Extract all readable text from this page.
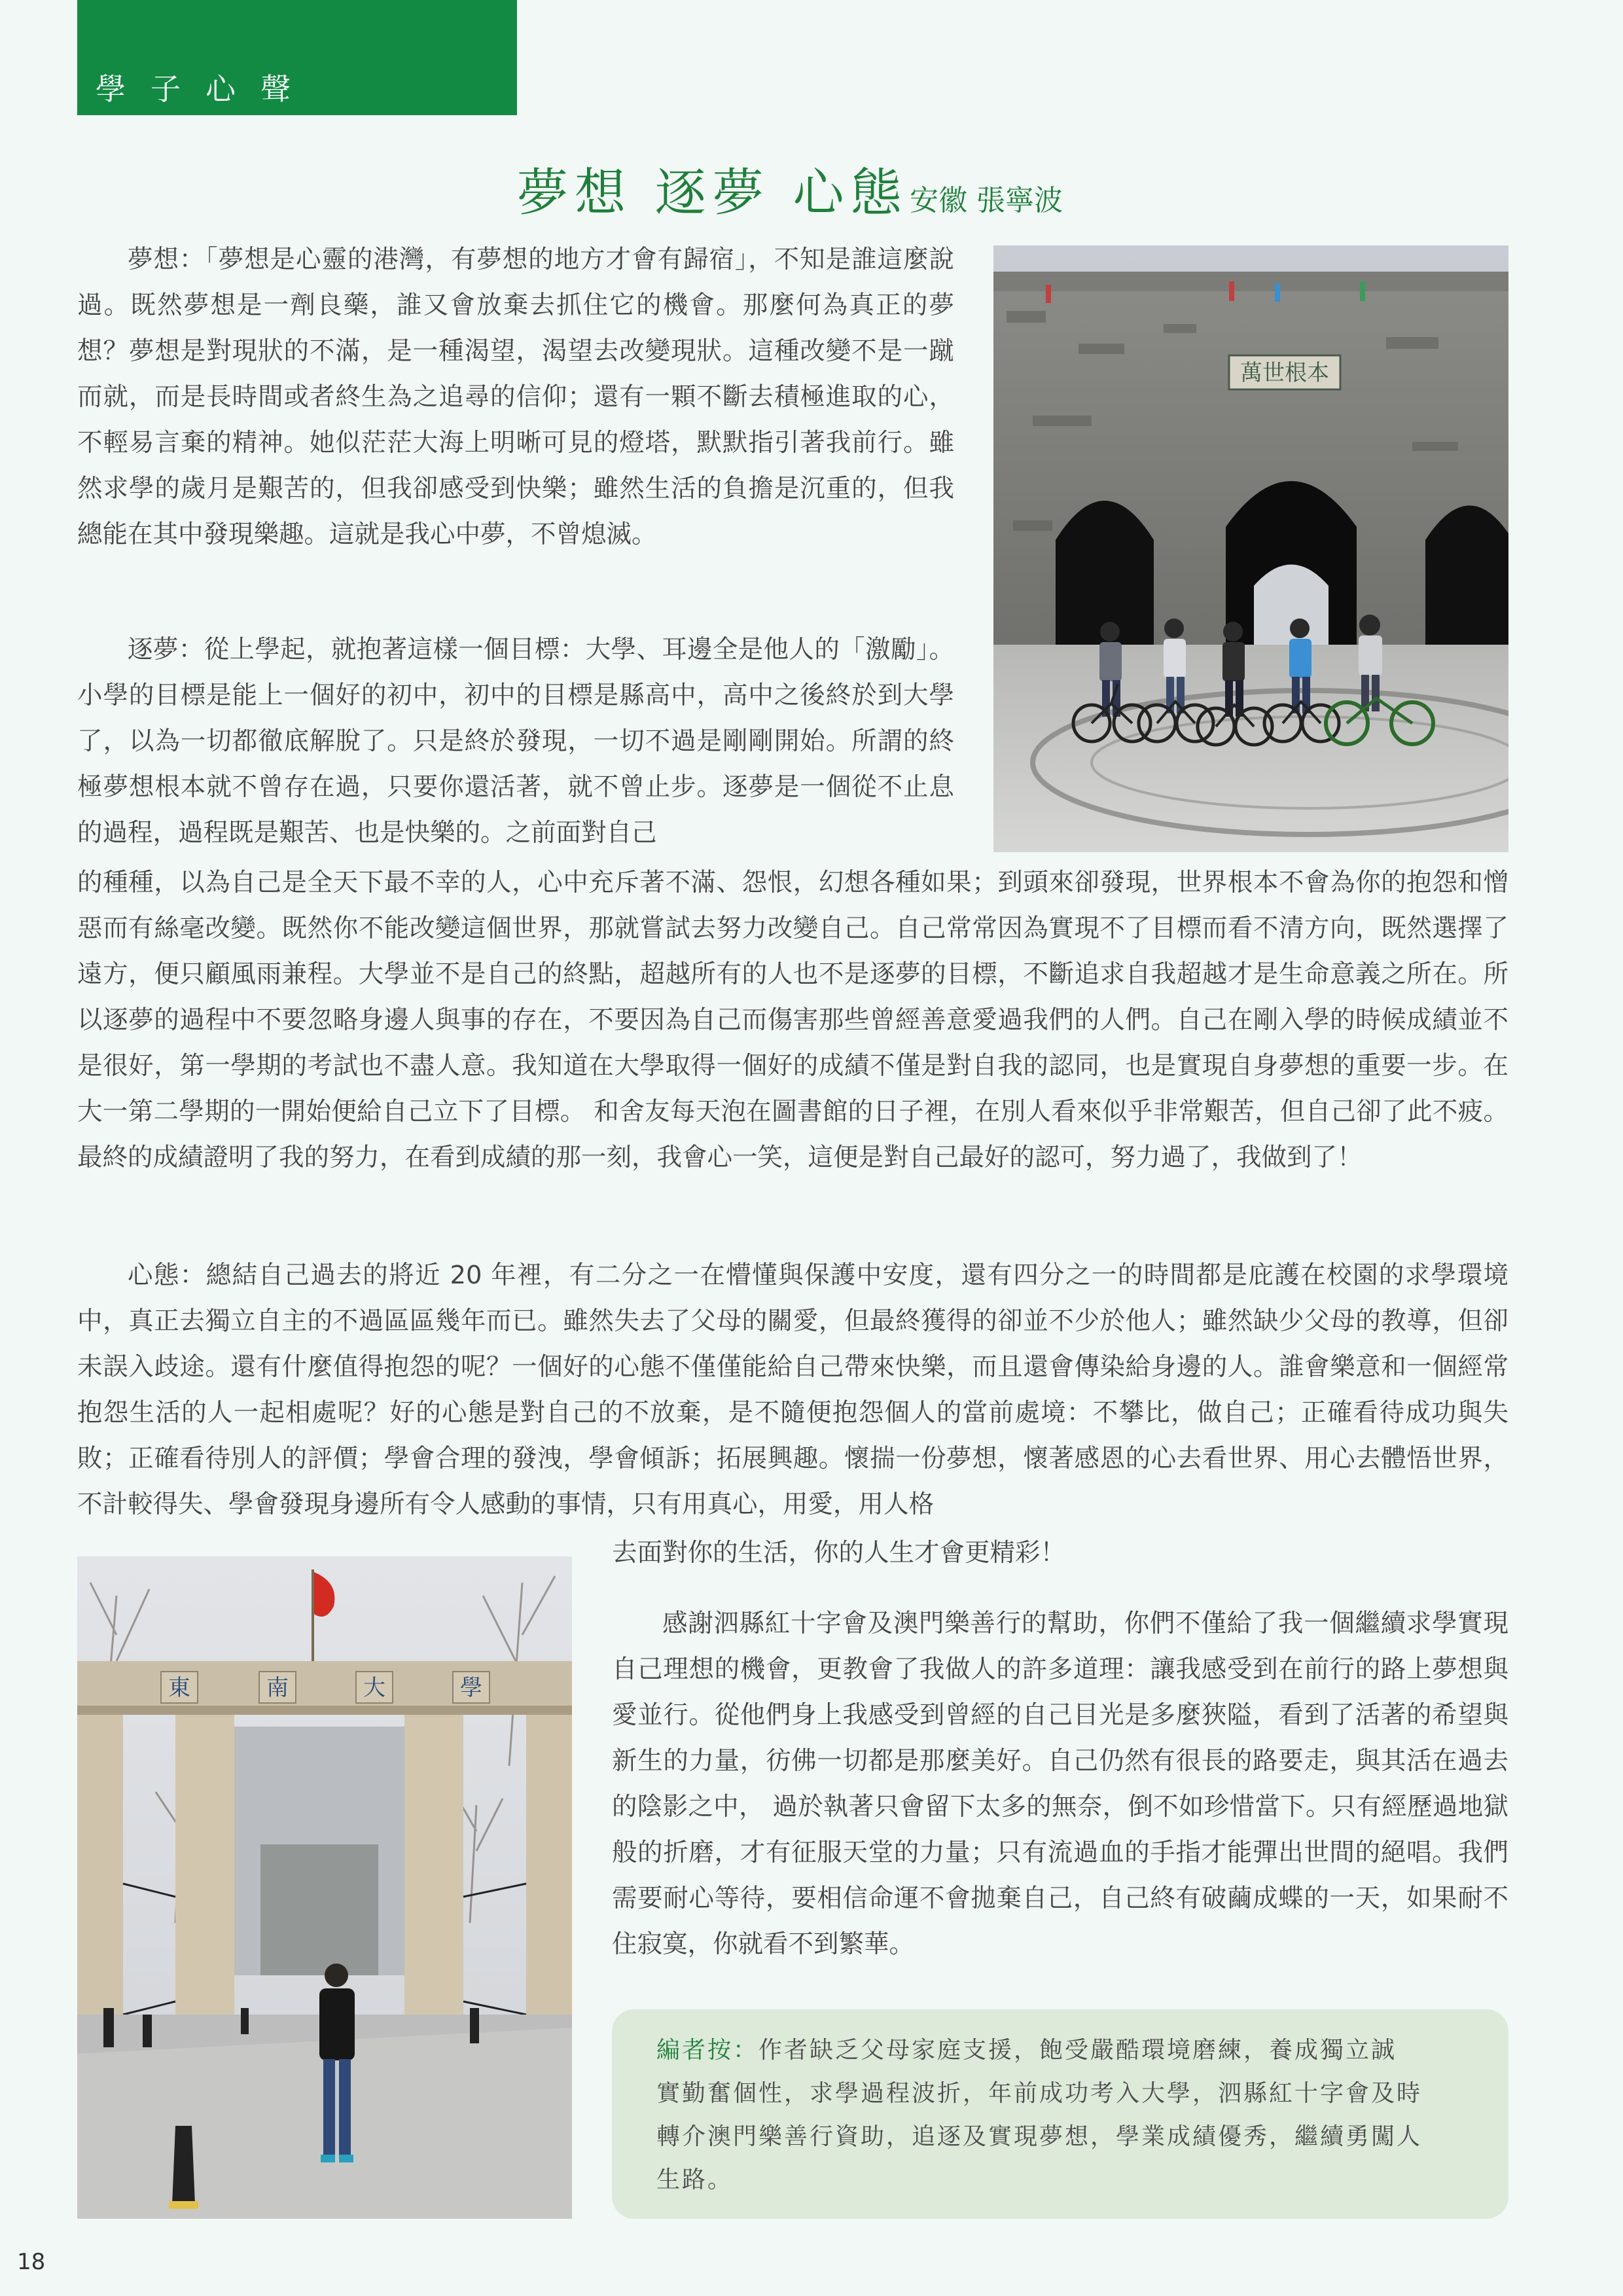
學子心聲
夢想 逐夢 心態 安徽 張寧波

夢想：「夢想是心靈的港灣，有夢想的地方才會有歸宿」，不知是誰這麼說過。既然夢想是一劑良藥，誰又會放棄去抓住它的機會。那麼何為真正的夢想？夢想是對現狀的不滿，是一種渴望，渴望去改變現狀。這種改變不是一蹴而就，而是長時間或者終生為之追尋的信仰；還有一顆不斷去積極進取的心，不輕易言棄的精神。她似茫茫大海上明晰可見的燈塔，默默指引著我前行。雖然求學的歲月是艱苦的，但我卻感受到快樂；雖然生活的負擔是沉重的，但我總能在其中發現樂趣。這就是我心中夢，不曾熄滅。

逐夢：從上學起，就抱著這樣一個目標：大學、耳邊全是他人的「激勵」。小學的目標是能上一個好的初中，初中的目標是縣高中，高中之後終於到大學了，以為一切都徹底解脫了。只是終於發現，一切不過是剛剛開始。所謂的終極夢想根本就不曾存在過，只要你還活著，就不曾止步。逐夢是一個從不止息的過程，過程既是艱苦、也是快樂的。之前面對自己

的種種，以為自己是全天下最不幸的人，心中充斥著不滿、怨恨，幻想各種如果；到頭來卻發現，世界根本不會為你的抱怨和憎惡而有絲毫改變。既然你不能改變這個世界，那就嘗試去努力改變自己。自己常常因為實現不了目標而看不清方向，既然選擇了遠方，便只顧風雨兼程。大學並不是自己的終點，超越所有的人也不是逐夢的目標，不斷追求自我超越才是生命意義之所在。所以逐夢的過程中不要忽略身邊人與事的存在，不要因為自己而傷害那些曾經善意愛過我們的人們。自己在剛入學的時候成績並不是很好，第一學期的考試也不盡人意。我知道在大學取得一個好的成績不僅是對自我的認同，也是實現自身夢想的重要一步。在大一第二學期的一開始便給自己立下了目標。 和舍友每天泡在圖書館的日子裡，在別人看來似乎非常艱苦，但自己卻了此不疲。最終的成績證明了我的努力，在看到成績的那一刻，我會心一笑，這便是對自己最好的認可，努力過了，我做到了！

心態：總結自己過去的將近 20 年裡，有二分之一在懵懂與保護中安度，還有四分之一的時間都是庇護在校園的求學環境中，真正去獨立自主的不過區區幾年而已。雖然失去了父母的關愛，但最終獲得的卻並不少於他人；雖然缺少父母的教導，但卻未誤入歧途。還有什麼值得抱怨的呢？一個好的心態不僅僅能給自己帶來快樂，而且還會傳染給身邊的人。誰會樂意和一個經常抱怨生活的人一起相處呢？好的心態是對自己的不放棄，是不隨便抱怨個人的當前處境：不攀比，做自己；正確看待成功與失敗；正確看待別人的評價；學會合理的發洩，學會傾訴；拓展興趣。懷揣一份夢想，懷著感恩的心去看世界、用心去體悟世界，不計較得失、學會發現身邊所有令人感動的事情，只有用真心，用愛，用人格

去面對你的生活，你的人生才會更精彩！

感謝泗縣紅十字會及澳門樂善行的幫助，你們不僅給了我一個繼續求學實現自己理想的機會，更教會了我做人的許多道理：讓我感受到在前行的路上夢想與愛並行。從他們身上我感受到曾經的自己目光是多麼狹隘，看到了活著的希望與新生的力量，彷佛一切都是那麼美好。自己仍然有很長的路要走，與其活在過去的陰影之中， 過於執著只會留下太多的無奈，倒不如珍惜當下。只有經歷過地獄般的折磨，才有征服天堂的力量；只有流過血的手指才能彈出世間的絕唱。我們需要耐心等待，要相信命運不會拋棄自己，自己終有破繭成蝶的一天，如果耐不住寂寞，你就看不到繁華。

萬世根本
東	南	大	學

編者按：作者缺乏父母家庭支援，飽受嚴酷環境磨練，養成獨立誠實勤奮個性，求學過程波折，年前成功考入大學，泗縣紅十字會及時轉介澳門樂善行資助，追逐及實現夢想，學業成績優秀，繼續勇闖人生路。

18
